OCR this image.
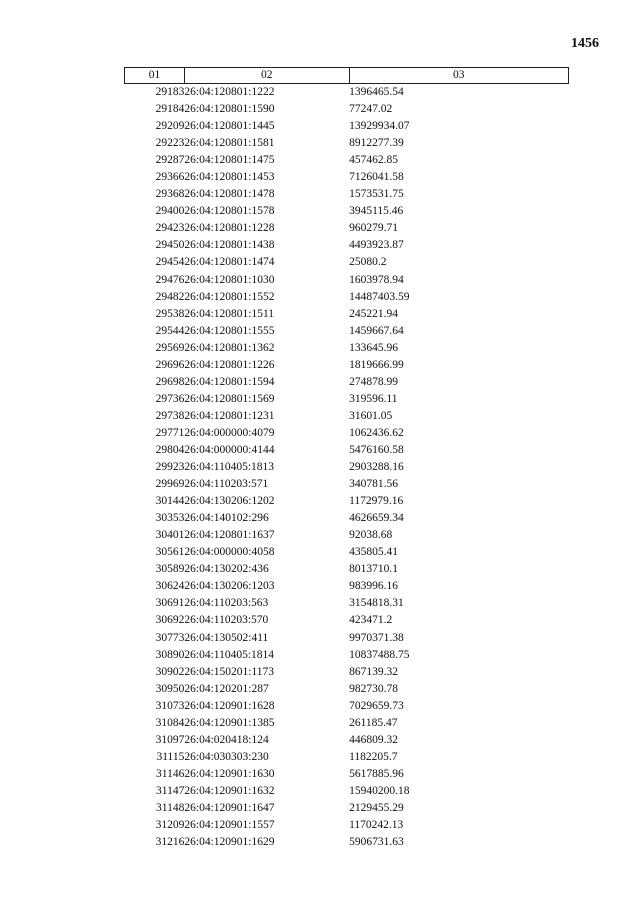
1456
01	02	03
29183	26:04:120801:1222	1396465.54
29184	26:04:120801:1590	77247.02
29209	26:04:120801:1445	13929934.07
29223	26:04:120801:1581	8912277.39
29287	26:04:120801:1475	457462.85
29366	26:04:120801:1453	7126041.58
29368	26:04:120801:1478	1573531.75
29400	26:04:120801:1578	3945115.46
29423	26:04:120801:1228	960279.71
29450	26:04:120801:1438	4493923.87
29454	26:04:120801:1474	25080.2
29476	26:04:120801:1030	1603978.94
29482	26:04:120801:1552	14487403.59
29538	26:04:120801:1511	245221.94
29544	26:04:120801:1555	1459667.64
29569	26:04:120801:1362	133645.96
29696	26:04:120801:1226	1819666.99
29698	26:04:120801:1594	274878.99
29736	26:04:120801:1569	319596.11
29738	26:04:120801:1231	31601.05
29771	26:04:000000:4079	1062436.62
29804	26:04:000000:4144	5476160.58
29923	26:04:110405:1813	2903288.16
29969	26:04:110203:571	340781.56
30144	26:04:130206:1202	1172979.16
30353	26:04:140102:296	4626659.34
30401	26:04:120801:1637	92038.68
30561	26:04:000000:4058	435805.41
30589	26:04:130202:436	8013710.1
30624	26:04:130206:1203	983996.16
30691	26:04:110203:563	3154818.31
30692	26:04:110203:570	423471.2
30773	26:04:130502:411	9970371.38
30890	26:04:110405:1814	10837488.75
30902	26:04:150201:1173	867139.32
30950	26:04:120201:287	982730.78
31073	26:04:120901:1628	7029659.73
31084	26:04:120901:1385	261185.47
31097	26:04:020418:124	446809.32
31115	26:04:030303:230	1182205.7
31146	26:04:120901:1630	5617885.96
31147	26:04:120901:1632	15940200.18
31148	26:04:120901:1647	2129455.29
31209	26:04:120901:1557	1170242.13
31216	26:04:120901:1629	5906731.63
